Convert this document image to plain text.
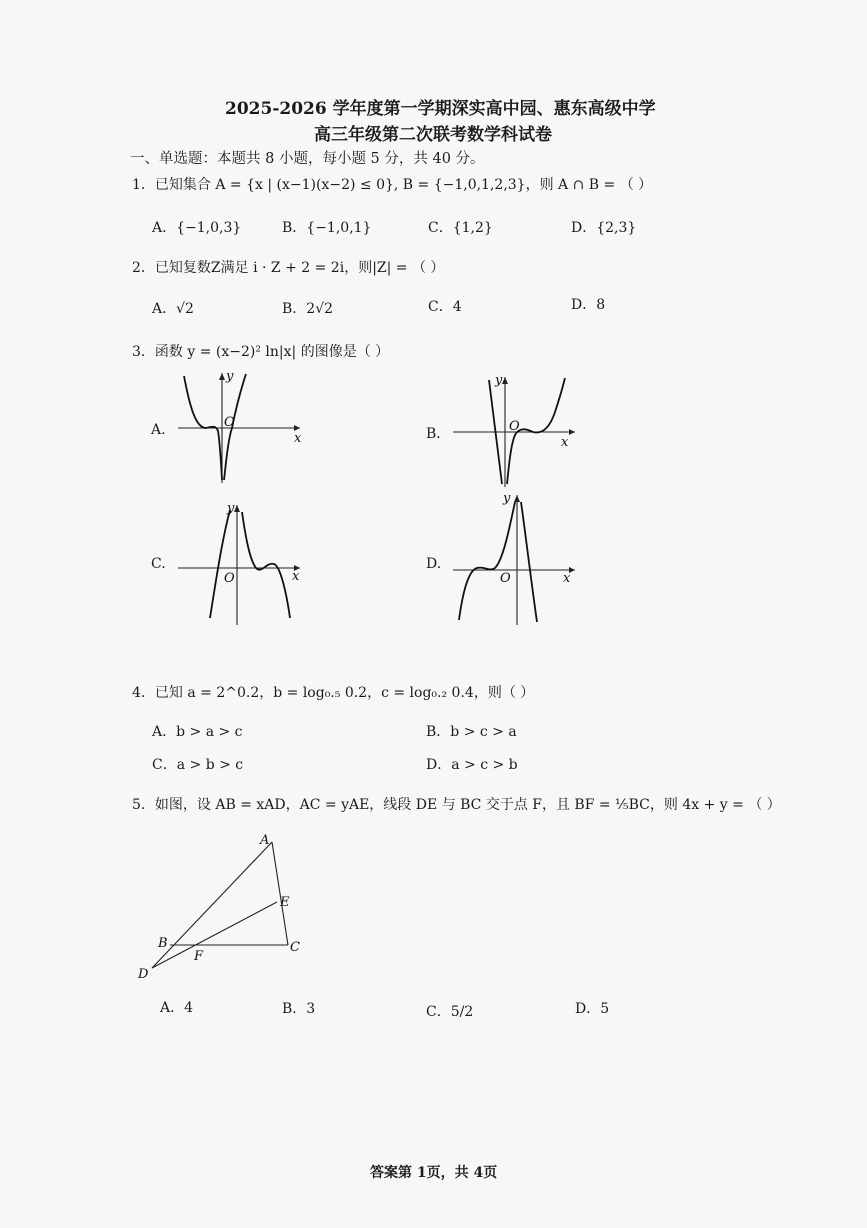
2025-2026 学年度第一学期深实高中园、惠东高级中学
高三年级第二次联考数学科试卷
一、单选题：本题共 8 小题，每小题 5 分，共 40 分。
1．已知集合 A = {x | (x−1)(x−2) ≤ 0}, B = {−1,0,1,2,3}，则 A ∩ B = （ ）
A．{−1,0,3}	B．{−1,0,1}	C．{1,2}	D．{2,3}
2．已知复数Z满足 i · Z + 2 = 2i，则|Z| = （ ）
A．√2	B．2√2	C．4	D．8
3．函数 y = (x−2)² ln|x| 的图像是（ ）
A.
y
O
x	B.
y
O
x
C.
y
O	x
D.
y
O	x
4．已知 a = 2^0.2，b = log₀.₅ 0.2，c = log₀.₂ 0.4，则（ ）
A．b > a > c	B．b > c > a
C．a > b > c	D．a > c > b
5．如图，设 AB = xAD，AC = yAE，线段 DE 与 BC 交于点 F，且 BF = ⅕BC，则 4x + y = （ ）
A
E
B
F
C
D
A．4	B．3	C．5/2	D．5
答案第 1页，共 4页
